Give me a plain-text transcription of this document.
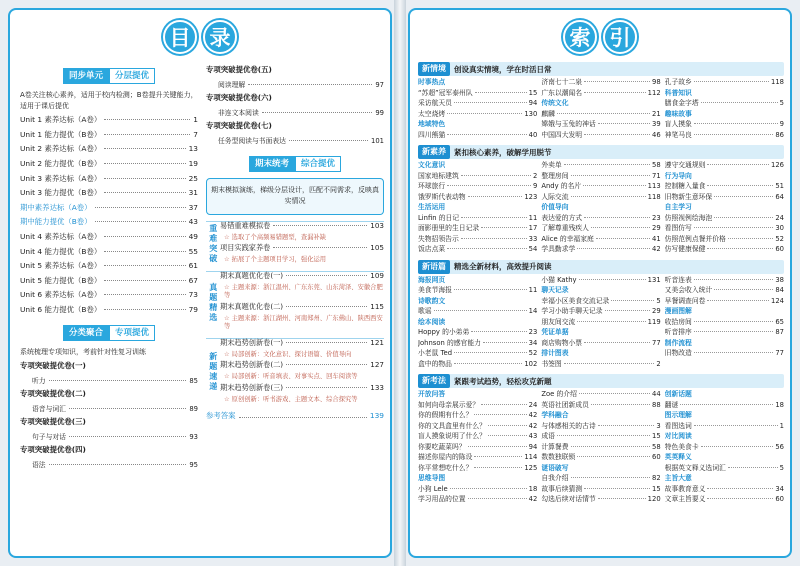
目 录
同步单元	分层提优
A卷关注核心素养，适用于校内检测；B卷提升关键能力，适用于课后提优
Unit 1 素养达标（A卷）	1
Unit 1 能力提优（B卷）	7
Unit 2 素养达标（A卷）	13
Unit 2 能力提优（B卷）	19
Unit 3 素养达标（A卷）	25
Unit 3 能力提优（B卷）	31
期中素养达标（A卷）	37
期中能力提优（B卷）	43
Unit 4 素养达标（A卷）	49
Unit 4 能力提优（B卷）	55
Unit 5 素养达标（A卷）	61
Unit 5 能力提优（B卷）	67
Unit 6 素养达标（A卷）	73
Unit 6 能力提优（B卷）	79
分类聚合	专项提优
系统梳理专项知识，考前针对性复习训练
专项突破提优卷(一)
听力	85
专项突破提优卷(二)
语音与词汇	89
专项突破提优卷(三)
句子与对话	93
专项突破提优卷(四)
语法	95
专项突破提优卷(五)
阅读理解	97
专项突破提优卷(六)
非连文本阅读	99
专项突破提优卷(七)
任务型阅读与书面表达	101
期末统考	综合提优
期末模拟演练，梯级分层设计，匹配不同需求，反映真实情况
重难突破 易错重难模拟卷	103
☆ 选取了个高频易错题型，查漏补缺
项目实践家养卷	105
☆ 拓展了个主题项目学习，强化运用
真题精选
期末真题优化卷(一)	109
☆ 主题来源：浙江温州、广东东莞、山东菏泽、安徽合肥等
期末真题优化卷(二)	115
☆ 主题来源：浙江湖州、河南郑州、广东佛山、陕西西安等
新题速递
期末趋势创新卷(一)	121
☆ 局部创新：文化意识、探讨语篇、价值导向
期末趋势创新卷(二)	127
☆ 局部创新：听音填表、对事实点、回车阅读等
期末趋势创新卷(三)	133
☆ 原创创新：听书游戏、主题文本、综合探究等
参考答案	139
索 引
新情境	创设真实情境，学在时活日常
时事热点
“苏超”冠军泰州队	15
采访航天员	94
太空烧烤	130
地域特色
四川熊猫	40
济南七十二泉	98
广东以潮闻名	112
传统文化
麒麟	21
嫦娥与玉兔的神话	39
中国四大发明	46
孔子故乡	118
科普知识
膳食金字塔	5
趣味故事
盲人摸象	9
神笔马良	86
新素养	紧扣核心素养，破解学用脱节
文化意识
国家地标建筑	2
环球旅行	9
饿罗斯代表动物	123
生活运用
Linfin 的日记	11
面影册里的生日记录	17
失物招领告示	33
饭店点菜	54
外卖单	58
整理房间	71
Andy 的名片	113
人际交流	118
价值导向
表达爱的方式	23
了解尊重残疾人	29
Alice 的幸福家庭	41
学具勤求学	42
遵守交通规则	126
行为导向
控制糖入量食	51
旧物新生意环保	64
自主学习
仿照视例绘海泡	24
看图仿写	30
仿照范例点餐并价格	52
仿写健康保健	60
新语篇	精选全新材料，高效提升阅读
海报网页
美食节海报	11
诗歌韵文
歌谣	14
绘本阅读
Hoppy 的小弟弟	23
Johnson 的感官能力	34
小老鼠 Ted	52
盒中的物品	102
小猫 Kathy	131
聊天记录
幸福小区美食交流记录	5
学习小助手聊天记录	29
朋友间交流	119
凭证单据
商店购物小票	77
排计图表
书签图	2
听音连表	38
又美会收入统计	84
早餐调查问卷	124
漫画图解
收拾房间	65
听音排序	87
制作流程
旧物改造	77
新考法	紧跟考试趋势，轻松攻克新题
开放问答
如何向母亲展示爱？	24
你的假期有什么？	42
你的文具盒里有什么？	42
盲人摸象说明了什么？	43
你要吃蔬菜吗？	94
描述你屋内的陈设	114
你平常想吃什么？	125
思维导图
小狗 Lele	18
学习用品的位置	42
Zoe 的介绍	44
英语社团新成员	88
学科融合
与体感相关的古诗	3
成语	15
计算餐费	58
数数独联锁	60
谜语破写
自我介绍	82
故事后续猜测	15
勾选后续对话情节	120
创新话题
翻谜	18
图示理解
看图选词	1
对比阅读
特色美食卡	56
英英释义
根据英文释义选词汇	5
主旨大意
故事教育意义	34
文章主旨要义	60
